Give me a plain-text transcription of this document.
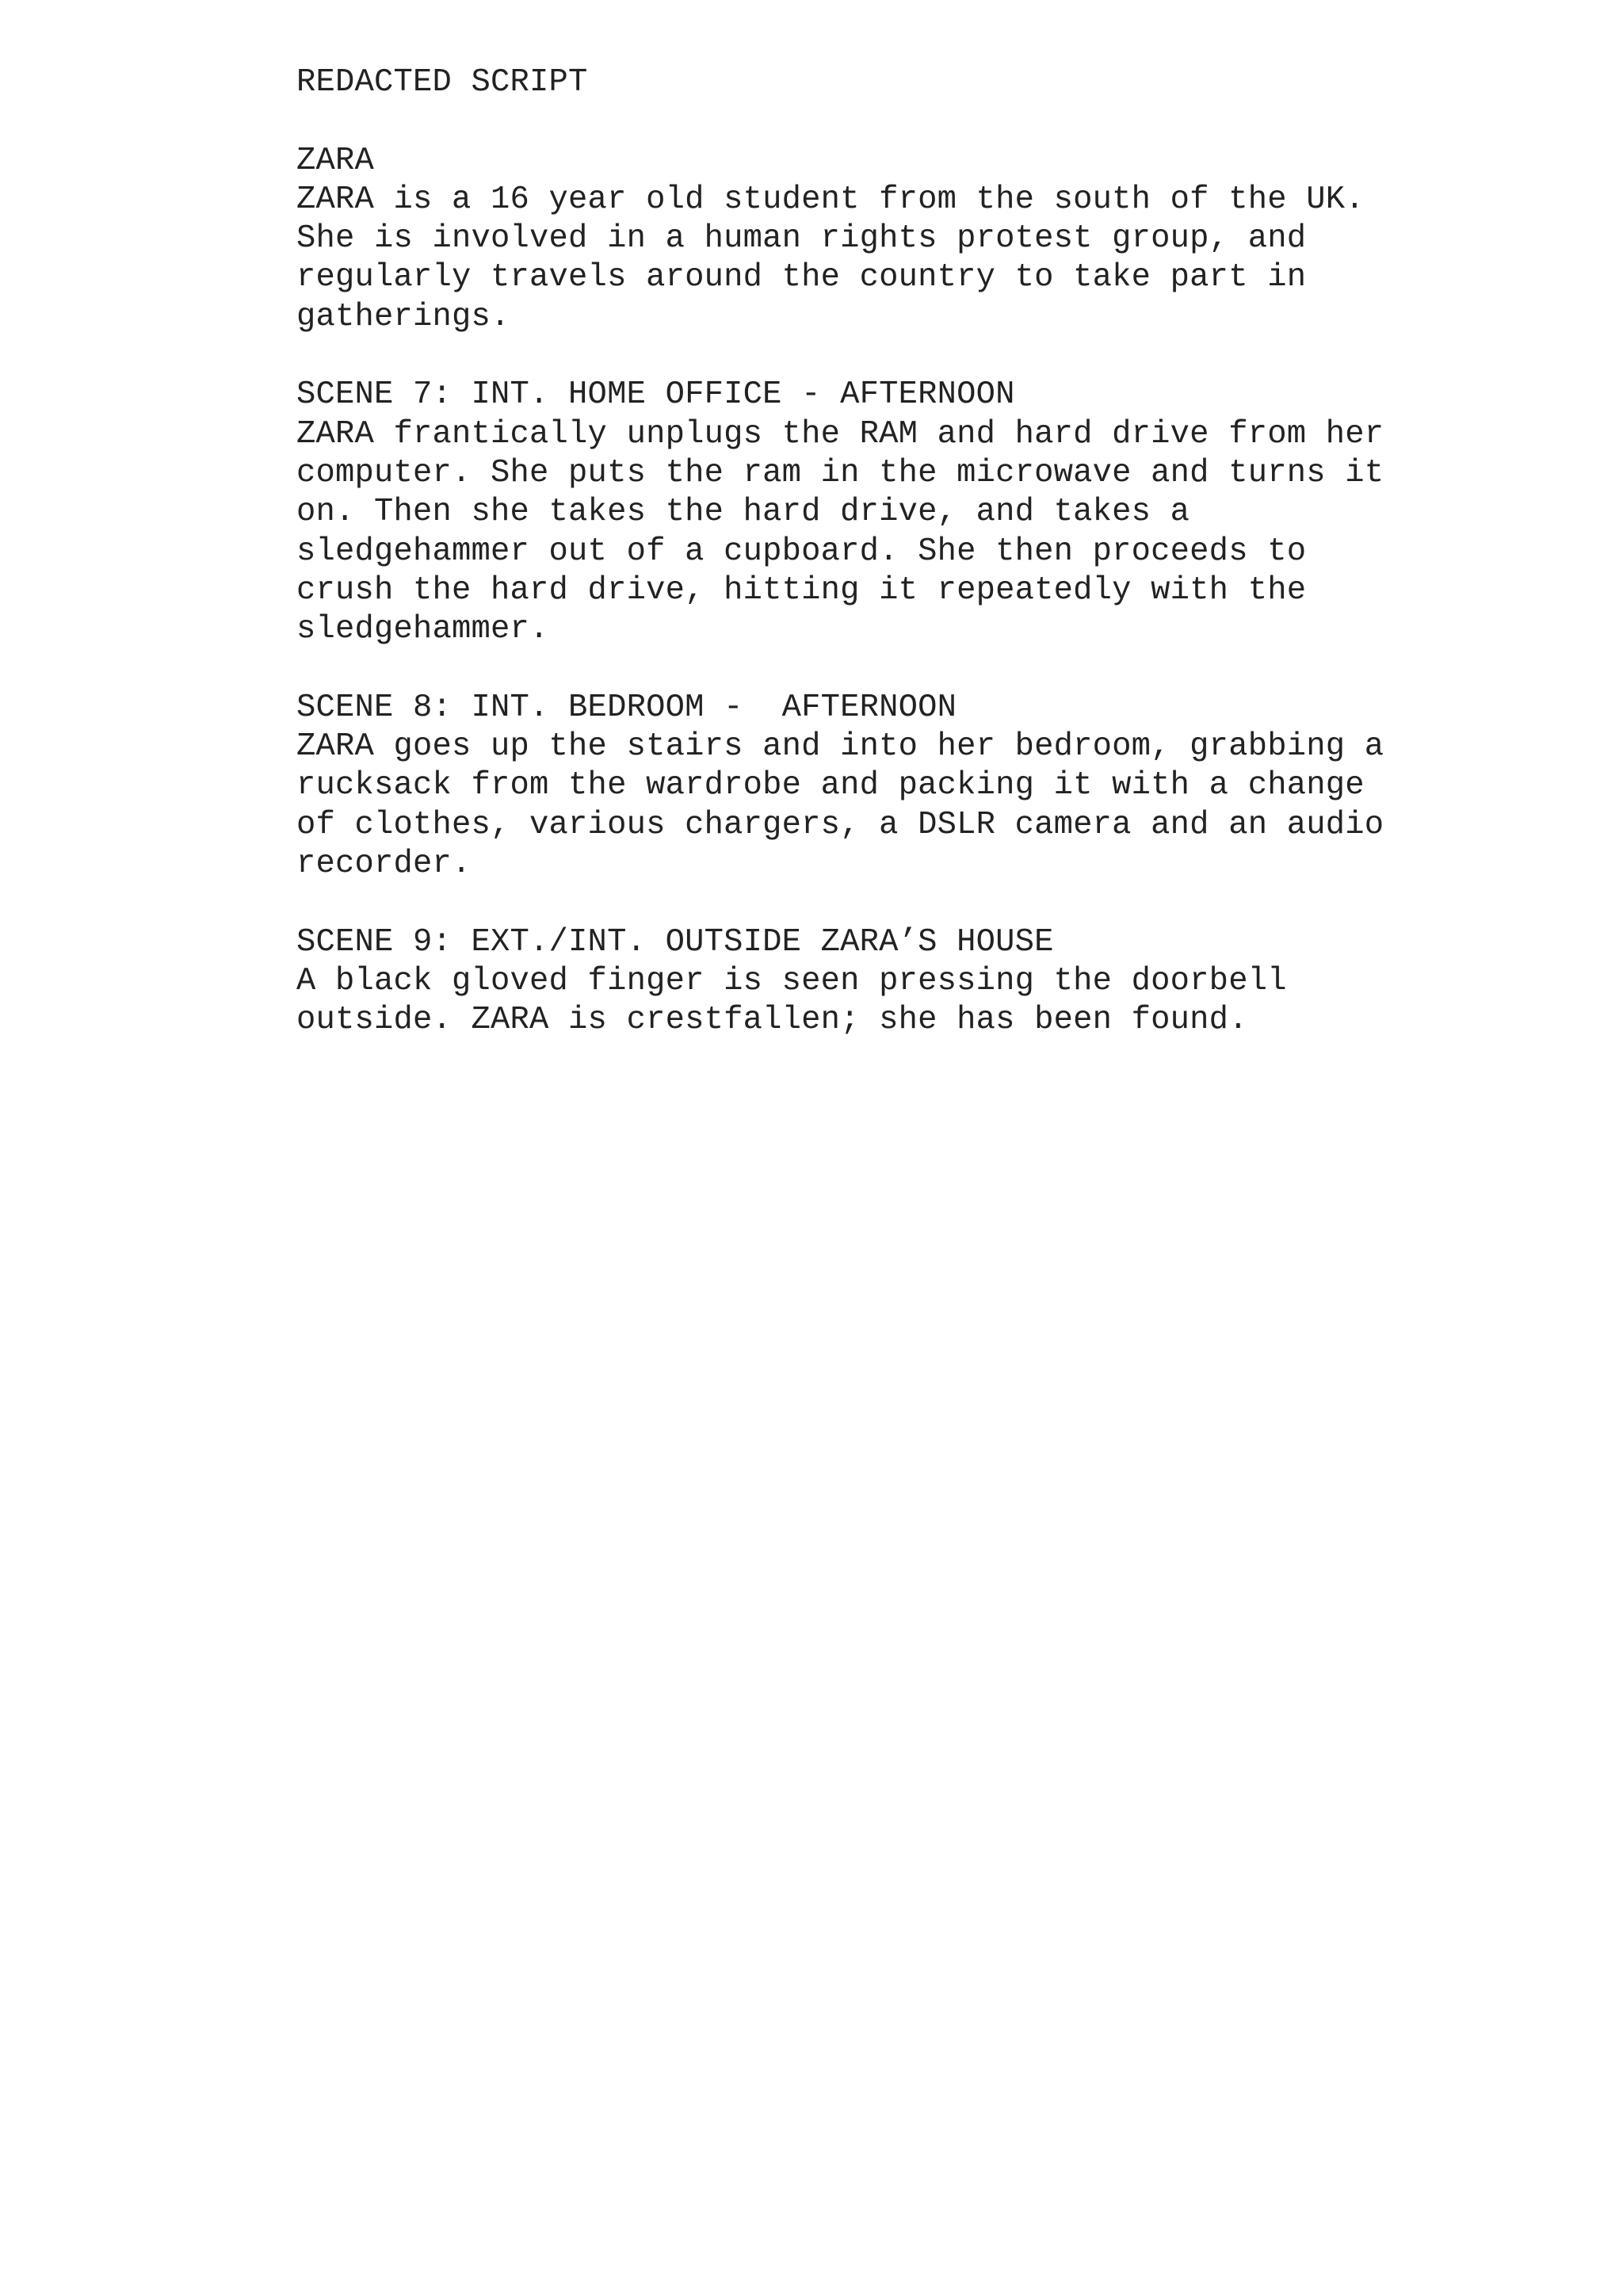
REDACTED SCRIPT
ZARA
ZARA is a 16 year old student from the south of the UK.
She is involved in a human rights protest group, and
regularly travels around the country to take part in
gatherings.
SCENE 7: INT. HOME OFFICE - AFTERNOON
ZARA frantically unplugs the RAM and hard drive from her
computer. She puts the ram in the microwave and turns it
on. Then she takes the hard drive, and takes a
sledgehammer out of a cupboard. She then proceeds to
crush the hard drive, hitting it repeatedly with the
sledgehammer.
SCENE 8: INT. BEDROOM -  AFTERNOON
ZARA goes up the stairs and into her bedroom, grabbing a
rucksack from the wardrobe and packing it with a change
of clothes, various chargers, a DSLR camera and an audio
recorder.
SCENE 9: EXT./INT. OUTSIDE ZARA’S HOUSE
A black gloved finger is seen pressing the doorbell
outside. ZARA is crestfallen; she has been found.
